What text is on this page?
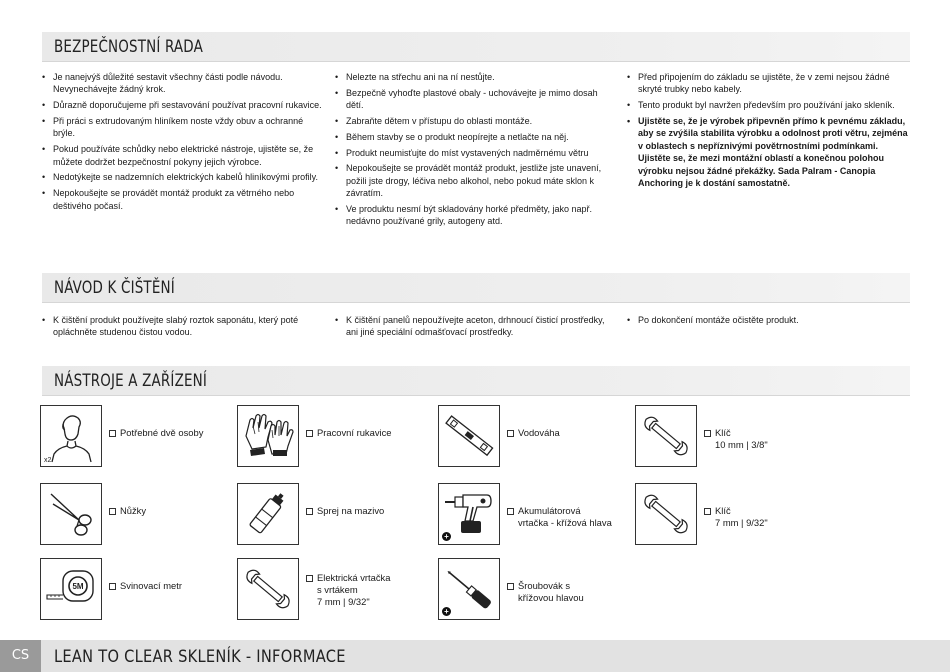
BEZPEČNOSTNÍ RADA
• Je nanejvýš důležité sestavit všechny části podle návodu. Nevynechávejte žádný krok.
• Důrazně doporučujeme při sestavování používat pracovní rukavice.
• Při práci s extrudovaným hliníkem noste vždy obuv a ochranné brýle.
• Pokud používáte schůdky nebo elektrické nástroje, ujistěte se, že můžete dodržet bezpečnostní pokyny jejich výrobce.
• Nedotýkejte se nadzemních elektrických kabelů hliníkovými profily.
• Nepokoušejte se provádět montáž produkt za větrného nebo deštivého počasí.
• Nelezte na střechu ani na ní nestůjte.
• Bezpečně vyhoďte plastové obaly - uchovávejte je mimo dosah dětí.
• Zabraňte dětem v přístupu do oblasti montáže.
• Během stavby se o produkt neopírejte a netlačte na něj.
• Produkt neumisťujte do míst vystavených nadměrnému větru
• Nepokoušejte se provádět montáž produkt, jestliže jste unavení, požili jste drogy, léčiva nebo alkohol, nebo pokud máte sklon k závratím.
• Ve produktu nesmí být skladovány horké předměty, jako např. nedávno používané grily, autogeny atd.
• Před připojením do základu se ujistěte, že v zemi nejsou žádné skryté trubky nebo kabely.
• Tento produkt byl navržen především pro používání jako skleník.
• Ujistěte se, že je výrobek připevněn přímo k pevnému základu, aby se zvýšila stabilita výrobku a odolnost proti větru, zejména v oblastech s nepříznivými povětrnostními podmínkami. Ujistěte se, že mezi montážní oblastí a konečnou polohou výrobku nejsou žádné překážky. Sada Palram - Canopia Anchoring je k dostání samostatně.
NÁVOD K ČIŠTĚNÍ
• K čištění produkt používejte slabý roztok saponátu, který poté opláchněte studenou čistou vodou.
• K čištění panelů nepoužívejte aceton, drhnoucí čisticí prostředky, ani jiné speciální odmašťovací prostředky.
• Po dokončení montáže očistěte produkt.
NÁSTROJE A ZAŘÍZENÍ
x2
Potřebné dvě osoby	Pracovní rukavice	Vodováha	Klíč
10 mm | 3/8"
Nůžky	Sprej na mazivo
+
Akumulátorová
vrtačka - křížová hlava
Klíč
7 mm | 9/32"
5M	Svinovací metr
Elektrická vrtačka
s vrtákem
7 mm | 9/32"
+
Šroubovák s
křížovou hlavou
CS	LEAN TO CLEAR SKLENÍK - INFORMACE
